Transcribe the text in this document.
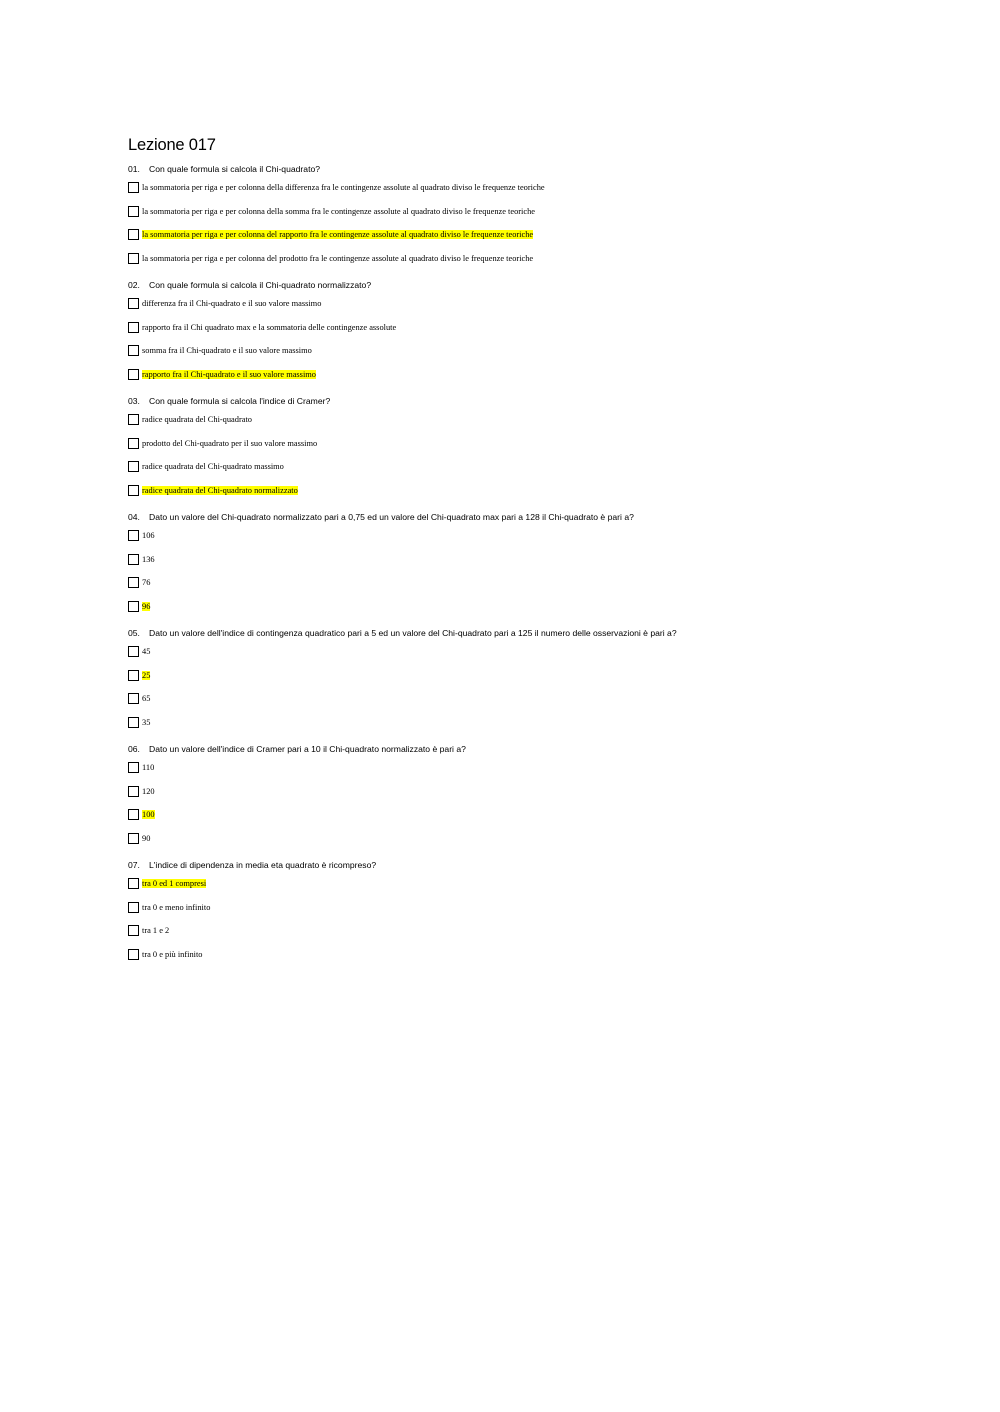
Lezione 017
01. Con quale formula si calcola il Chi-quadrato?
la sommatoria per riga e per colonna della differenza fra le contingenze assolute al quadrato diviso le frequenze teoriche
la sommatoria per riga e per colonna della somma fra le contingenze assolute al quadrato diviso le frequenze teoriche
la sommatoria per riga e per colonna del rapporto fra le contingenze assolute al quadrato diviso le frequenze teoriche
la sommatoria per riga e per colonna del prodotto fra le contingenze assolute al quadrato diviso le frequenze teoriche
02. Con quale formula si calcola il Chi-quadrato normalizzato?
differenza fra il Chi-quadrato e il suo valore massimo
rapporto fra il Chi quadrato max e la sommatoria delle contingenze assolute
somma fra il Chi-quadrato e il suo valore massimo
rapporto fra il Chi-quadrato e il suo valore massimo
03. Con quale formula si calcola l'indice di Cramer?
radice quadrata del Chi-quadrato
prodotto del Chi-quadrato per il suo valore massimo
radice quadrata del Chi-quadrato massimo
radice quadrata del Chi-quadrato normalizzato
04. Dato un valore del Chi-quadrato normalizzato pari a 0,75 ed un valore del Chi-quadrato max pari a 128 il Chi-quadrato è pari a?
106
136
76
96
05. Dato un valore dell'indice di contingenza quadratico pari a 5 ed un valore del Chi-quadrato pari a 125 il numero delle osservazioni è pari a?
45
25
65
35
06. Dato un valore dell'indice di Cramer pari a 10 il Chi-quadrato normalizzato è pari a?
110
120
100
90
07. L'indice di dipendenza in media eta quadrato è ricompreso?
tra 0 ed 1 compresi
tra 0 e meno infinito
tra 1 e 2
tra 0 e più infinito
